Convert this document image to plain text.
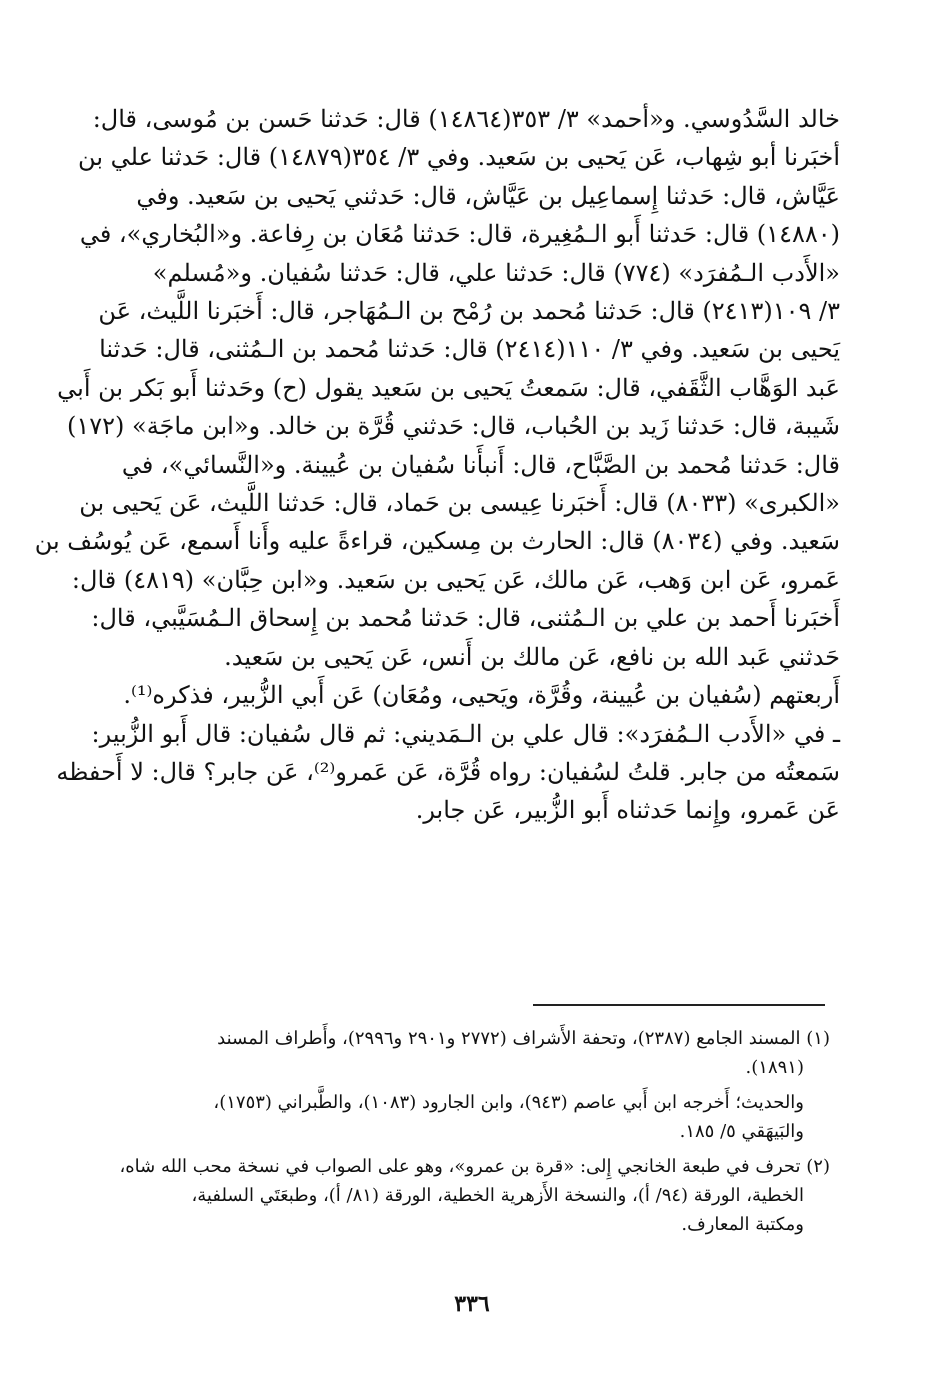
خالد السَّدُوسي. و«أحمد» ٣/ ٣٥٣(١٤٨٦٤) قال: حَدثنا حَسن بن مُوسى، قال:
أخبَرنا أبو شِهاب، عَن يَحيى بن سَعيد. وفي ٣/ ٣٥٤(١٤٨٧٩) قال: حَدثنا علي بن
عَيَّاش، قال: حَدثنا إِسماعِيل بن عَيَّاش، قال: حَدثني يَحيى بن سَعيد. وفي
(١٤٨٨٠) قال: حَدثنا أَبو الـمُغِيرة، قال: حَدثنا مُعَان بن رِفاعة. و«البُخاري»، في
«الأَدب الـمُفرَد» (٧٧٤) قال: حَدثنا علي، قال: حَدثنا سُفيان. و«مُسلم»
٣/ ١٠٩(٢٤١٣) قال: حَدثنا مُحمد بن رُمْح بن الـمُهَاجر، قال: أَخبَرنا اللَّيث، عَن
يَحيى بن سَعيد. وفي ٣/ ١١٠(٢٤١٤) قال: حَدثنا مُحمد بن الـمُثنى، قال: حَدثنا
عَبد الوَهَّاب الثَّقَفي، قال: سَمعتُ يَحيى بن سَعيد يقول (ح) وحَدثنا أَبو بَكر بن أَبي
شَيبة، قال: حَدثنا زَيد بن الحُباب، قال: حَدثني قُرَّة بن خالد. و«ابن ماجَة» (١٧٢)
قال: حَدثنا مُحمد بن الصَّبَّاح، قال: أَنبأَنا سُفيان بن عُيينة. و«النَّسائي»، في
«الكبرى» (٨٠٣٣) قال: أَخبَرنا عِيسى بن حَماد، قال: حَدثنا اللَّيث، عَن يَحيى بن
سَعيد. وفي (٨٠٣٤) قال: الحارث بن مِسكين، قراءةً عليه وأَنا أَسمع، عَن يُوسُف بن
عَمرو، عَن ابن وَهب، عَن مالك، عَن يَحيى بن سَعيد. و«ابن حِبَّان» (٤٨١٩) قال:
أَخبَرنا أَحمد بن علي بن الـمُثنى، قال: حَدثنا مُحمد بن إِسحاق الـمُسَيَّبي، قال:
حَدثني عَبد الله بن نافع، عَن مالك بن أَنس، عَن يَحيى بن سَعيد.
أَربعتهم (سُفيان بن عُيينة، وقُرَّة، ويَحيى، ومُعَان) عَن أَبي الزُّبير، فذكره⁽¹⁾.
ـ في «الأَدب الـمُفرَد»: قال علي بن الـمَديني: ثم قال سُفيان: قال أَبو الزُّبير:
سَمعتُه من جابر. قلتُ لسُفيان: رواه قُرَّة، عَن عَمرو⁽²⁾، عَن جابر؟ قال: لا أَحفظه
عَن عَمرو، وإِنما حَدثناه أَبو الزُّبير، عَن جابر.
(١) المسند الجامع (٢٣٨٧)، وتحفة الأَشراف (٢٧٧٢ و٢٩٠١ و٢٩٩٦)، وأَطراف المسند
(١٨٩١).
والحديث؛ أَخرجه ابن أَبي عاصم (٩٤٣)، وابن الجارود (١٠٨٣)، والطَّبراني (١٧٥٣)،
والبَيهَقي ٥/ ١٨٥.
(٢) تحرف في طبعة الخانجي إِلى: «قرة بن عمرو»، وهو على الصواب في نسخة محب الله شاه،
الخطية، الورقة (٩٤/ أ)، والنسخة الأَزهرية الخطية، الورقة (٨١/ أ)، وطبعَتَي السلفية،
ومكتبة المعارف.
٣٣٦
